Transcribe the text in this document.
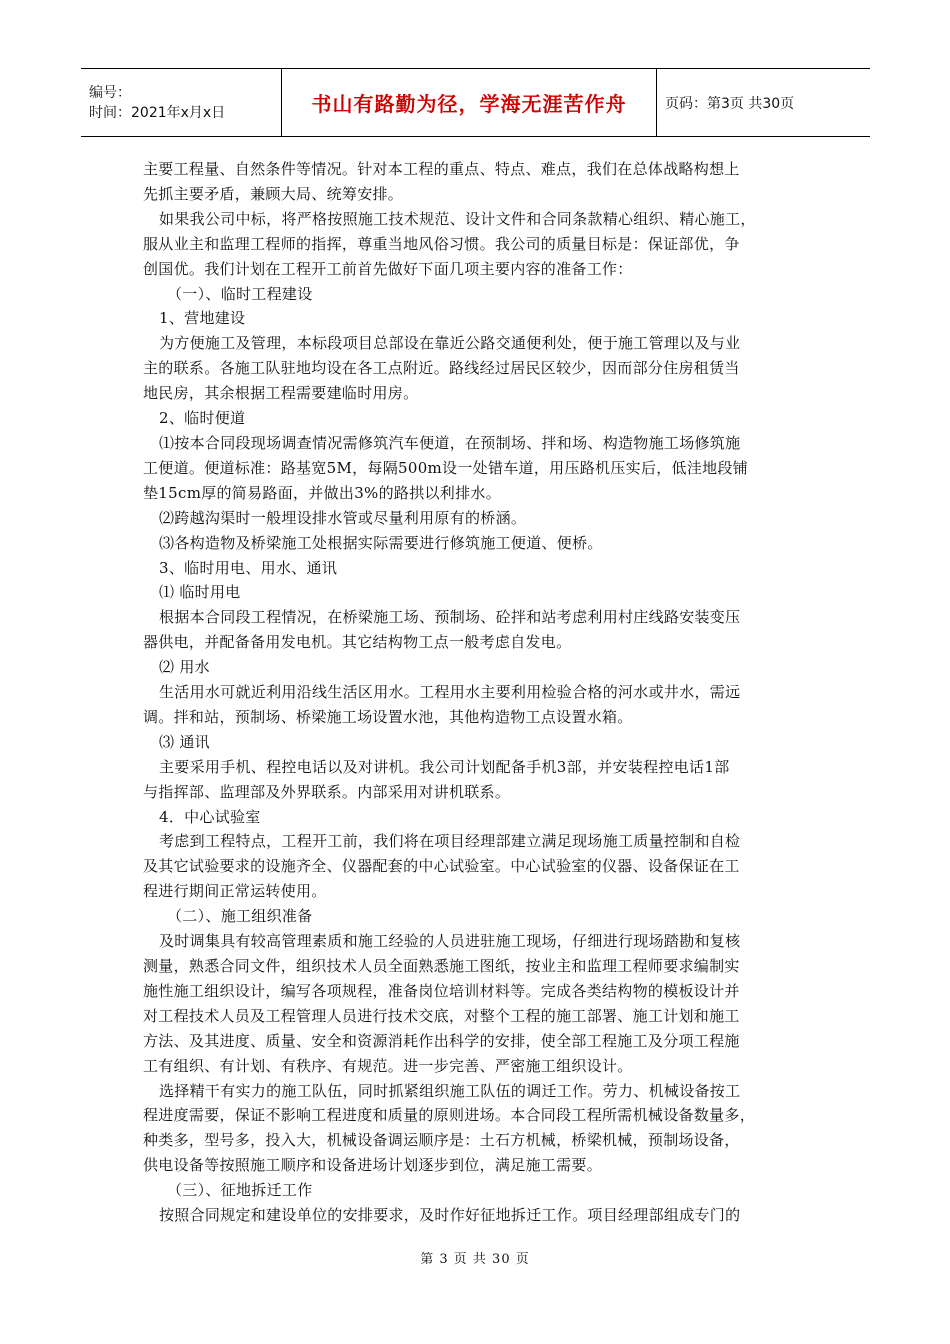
编号：
时间：2021年x月x日	书山有路勤为径，学海无涯苦作舟	页码：第3页 共30页
主要工程量、自然条件等情况。针对本工程的重点、特点、难点，我们在总体战略构想上
先抓主要矛盾，兼顾大局、统筹安排。
如果我公司中标，将严格按照施工技术规范、设计文件和合同条款精心组织、精心施工，
服从业主和监理工程师的指挥，尊重当地风俗习惯。我公司的质量目标是：保证部优，争
创国优。我们计划在工程开工前首先做好下面几项主要内容的准备工作：
（一）、临时工程建设
1、营地建设
为方便施工及管理，本标段项目总部设在靠近公路交通便利处，便于施工管理以及与业
主的联系。各施工队驻地均设在各工点附近。路线经过居民区较少，因而部分住房租赁当
地民房，其余根据工程需要建临时用房。
2、临时便道
⑴按本合同段现场调查情况需修筑汽车便道，在预制场、拌和场、构造物施工场修筑施
工便道。便道标准：路基宽5M，每隔500m设一处错车道，用压路机压实后，低洼地段铺
垫15cm厚的简易路面，并做出3%的路拱以利排水。
⑵跨越沟渠时一般埋设排水管或尽量利用原有的桥涵。
⑶各构造物及桥梁施工处根据实际需要进行修筑施工便道、便桥。
3、临时用电、用水、通讯
⑴ 临时用电
根据本合同段工程情况，在桥梁施工场、预制场、砼拌和站考虑利用村庄线路安装变压
器供电，并配备备用发电机。其它结构物工点一般考虑自发电。
⑵ 用水
生活用水可就近利用沿线生活区用水。工程用水主要利用检验合格的河水或井水，需远
调。拌和站，预制场、桥梁施工场设置水池，其他构造物工点设置水箱。
⑶ 通讯
主要采用手机、程控电话以及对讲机。我公司计划配备手机3部，并安装程控电话1部
与指挥部、监理部及外界联系。内部采用对讲机联系。
4．中心试验室
考虑到工程特点，工程开工前，我们将在项目经理部建立满足现场施工质量控制和自检
及其它试验要求的设施齐全、仪器配套的中心试验室。中心试验室的仪器、设备保证在工
程进行期间正常运转使用。
（二）、施工组织准备
及时调集具有较高管理素质和施工经验的人员进驻施工现场，仔细进行现场踏勘和复核
测量，熟悉合同文件，组织技术人员全面熟悉施工图纸，按业主和监理工程师要求编制实
施性施工组织设计，编写各项规程，准备岗位培训材料等。完成各类结构物的模板设计并
对工程技术人员及工程管理人员进行技术交底，对整个工程的施工部署、施工计划和施工
方法、及其进度、质量、安全和资源消耗作出科学的安排，使全部工程施工及分项工程施
工有组织、有计划、有秩序、有规范。进一步完善、严密施工组织设计。
选择精干有实力的施工队伍，同时抓紧组织施工队伍的调迁工作。劳力、机械设备按工
程进度需要，保证不影响工程进度和质量的原则进场。本合同段工程所需机械设备数量多，
种类多，型号多，投入大，机械设备调运顺序是：土石方机械，桥梁机械，预制场设备，
供电设备等按照施工顺序和设备进场计划逐步到位，满足施工需要。
（三）、征地拆迁工作
按照合同规定和建设单位的安排要求，及时作好征地拆迁工作。项目经理部组成专门的
第 3 页 共 30 页
